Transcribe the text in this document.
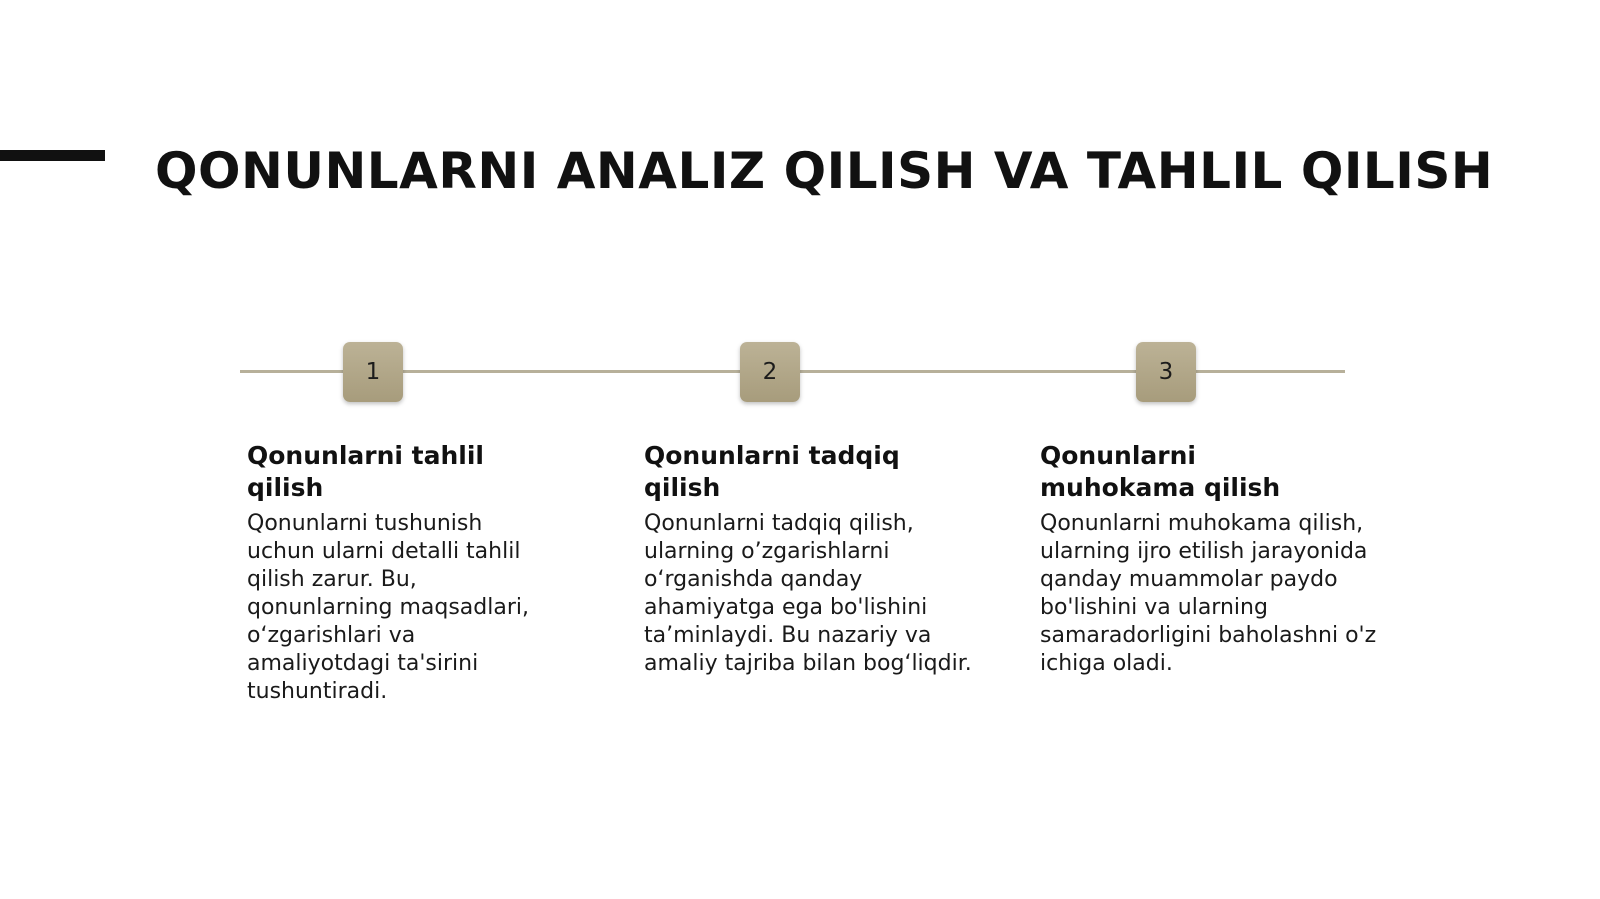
QONUNLARNI ANALIZ QILISH VA TAHLIL QILISH
1	2	3
Qonunlarni tahlil qilish

Qonunlarni tushunish uchun ularni detalli tahlil qilish zarur. Bu, qonunlarning maqsadlari, o‘zgarishlari va amaliyotdagi ta'sirini tushuntiradi.

Qonunlarni tadqiq qilish

Qonunlarni tadqiq qilish, ularning o’zgarishlarni o‘rganishda qanday ahamiyatga ega bo'lishini ta’minlaydi. Bu nazariy va amaliy tajriba bilan bog‘liqdir.

Qonunlarni muhokama qilish

Qonunlarni muhokama qilish, ularning ijro etilish jarayonida qanday muammolar paydo bo'lishini va ularning samaradorligini baholashni o'z ichiga oladi.
